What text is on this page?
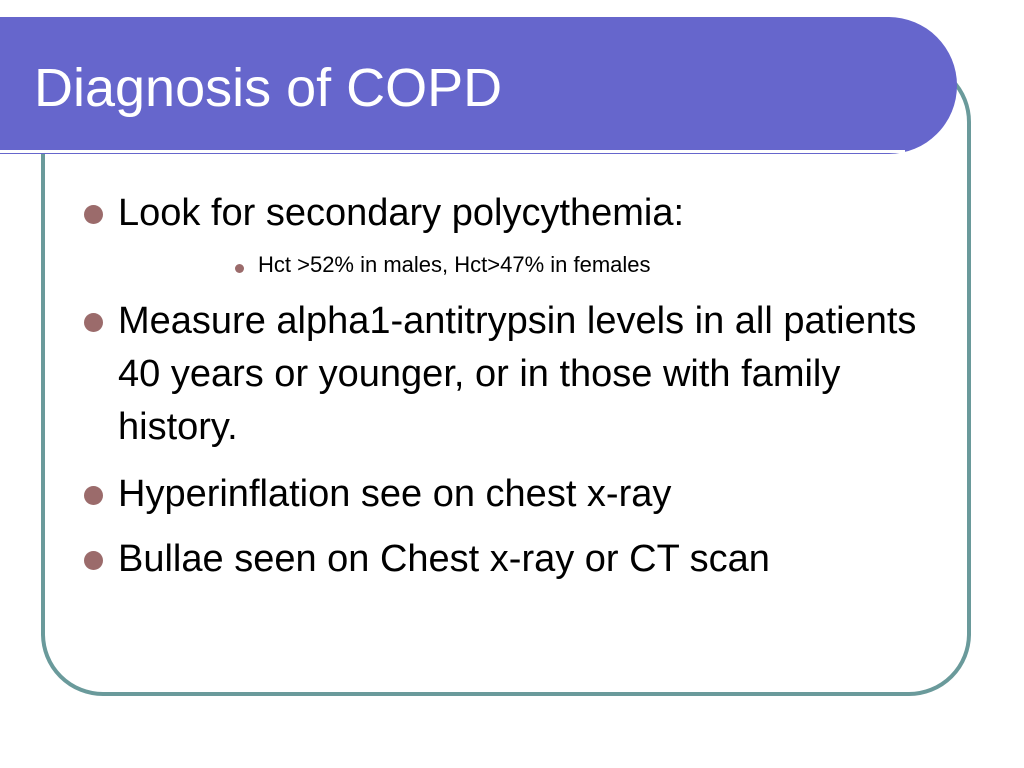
Diagnosis of COPD

Look for secondary polycythemia:

Hct >52% in males, Hct>47% in females

Measure alpha1-antitrypsin levels in all patients 40 years or younger, or in those with family history.

Hyperinflation see on chest x-ray

Bullae seen on Chest x-ray or CT scan
